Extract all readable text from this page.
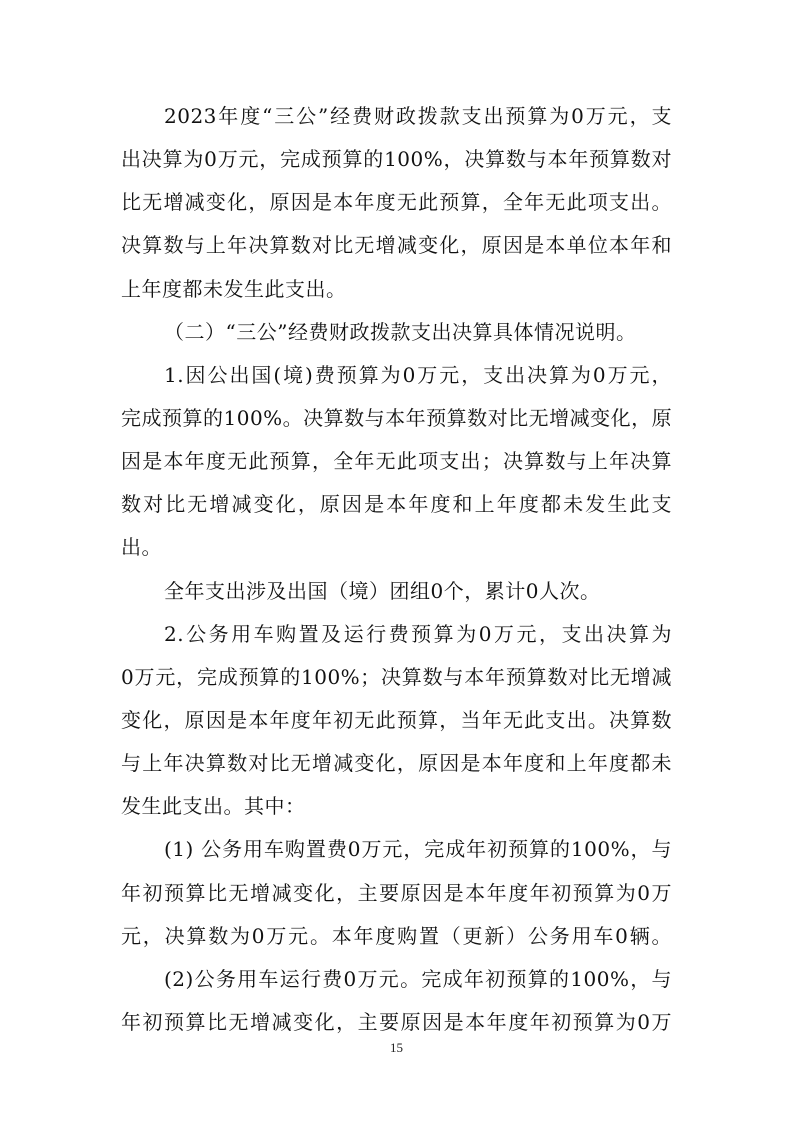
2023年度“三公”经费财政拨款支出预算为0万元，支
出决算为0万元，完成预算的100%，决算数与本年预算数对
比无增减变化，原因是本年度无此预算，全年无此项支出。
决算数与上年决算数对比无增减变化，原因是本单位本年和
上年度都未发生此支出。
（二）“三公”经费财政拨款支出决算具体情况说明。
1.因公出国(境)费预算为0万元，支出决算为0万元，
完成预算的100%。决算数与本年预算数对比无增减变化，原
因是本年度无此预算，全年无此项支出；决算数与上年决算
数对比无增减变化，原因是本年度和上年度都未发生此支
出。
全年支出涉及出国（境）团组0个，累计0人次。
2.公务用车购置及运行费预算为0万元，支出决算为
0万元，完成预算的100%；决算数与本年预算数对比无增减
变化，原因是本年度年初无此预算，当年无此支出。决算数
与上年决算数对比无增减变化，原因是本年度和上年度都未
发生此支出。其中：
(1) 公务用车购置费0万元，完成年初预算的100%，与
年初预算比无增减变化，主要原因是本年度年初预算为0万
元，决算数为0万元。本年度购置（更新）公务用车0辆。
(2)公务用车运行费0万元。完成年初预算的100%，与
年初预算比无增减变化，主要原因是本年度年初预算为0万
15
